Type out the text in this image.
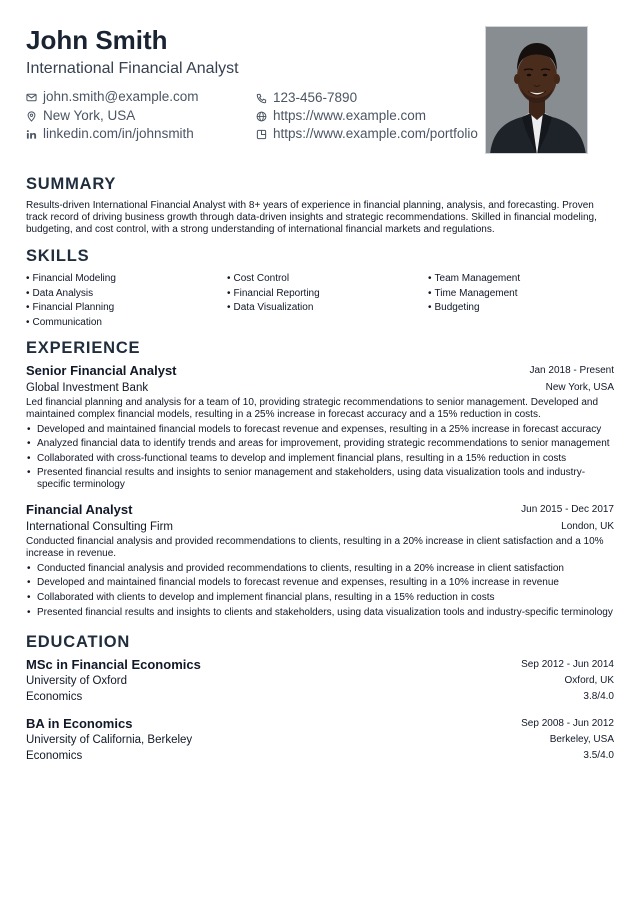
John Smith
International Financial Analyst
john.smith@example.com
New York, USA
linkedin.com/in/johnsmith
123-456-7890
https://www.example.com
https://www.example.com/portfolio
SUMMARY
Results-driven International Financial Analyst with 8+ years of experience in financial planning, analysis, and forecasting. Proven track record of driving business growth through data-driven insights and strategic recommendations. Skilled in financial modeling, budgeting, and cost control, with a strong understanding of international financial markets and regulations.
SKILLS
• Financial Modeling	• Cost Control	• Team Management
• Data Analysis	• Financial Reporting	• Time Management
• Financial Planning	• Data Visualization	• Budgeting
• Communication
EXPERIENCE
Senior Financial Analyst	Jan 2018 - Present
Global Investment Bank	New York, USA
Led financial planning and analysis for a team of 10, providing strategic recommendations to senior management. Developed and maintained complex financial models, resulting in a 25% increase in forecast accuracy and a 15% reduction in costs.
• Developed and maintained financial models to forecast revenue and expenses, resulting in a 25% increase in forecast accuracy
• Analyzed financial data to identify trends and areas for improvement, providing strategic recommendations to senior management
• Collaborated with cross-functional teams to develop and implement financial plans, resulting in a 15% reduction in costs
• Presented financial results and insights to senior management and stakeholders, using data visualization tools and industry-specific terminology
Financial Analyst	Jun 2015 - Dec 2017
International Consulting Firm	London, UK
Conducted financial analysis and provided recommendations to clients, resulting in a 20% increase in client satisfaction and a 10% increase in revenue.
• Conducted financial analysis and provided recommendations to clients, resulting in a 20% increase in client satisfaction
• Developed and maintained financial models to forecast revenue and expenses, resulting in a 10% increase in revenue
• Collaborated with clients to develop and implement financial plans, resulting in a 15% reduction in costs
• Presented financial results and insights to clients and stakeholders, using data visualization tools and industry-specific terminology
EDUCATION
MSc in Financial Economics	Sep 2012 - Jun 2014
University of Oxford	Oxford, UK
Economics	3.8/4.0
BA in Economics	Sep 2008 - Jun 2012
University of California, Berkeley	Berkeley, USA
Economics	3.5/4.0
